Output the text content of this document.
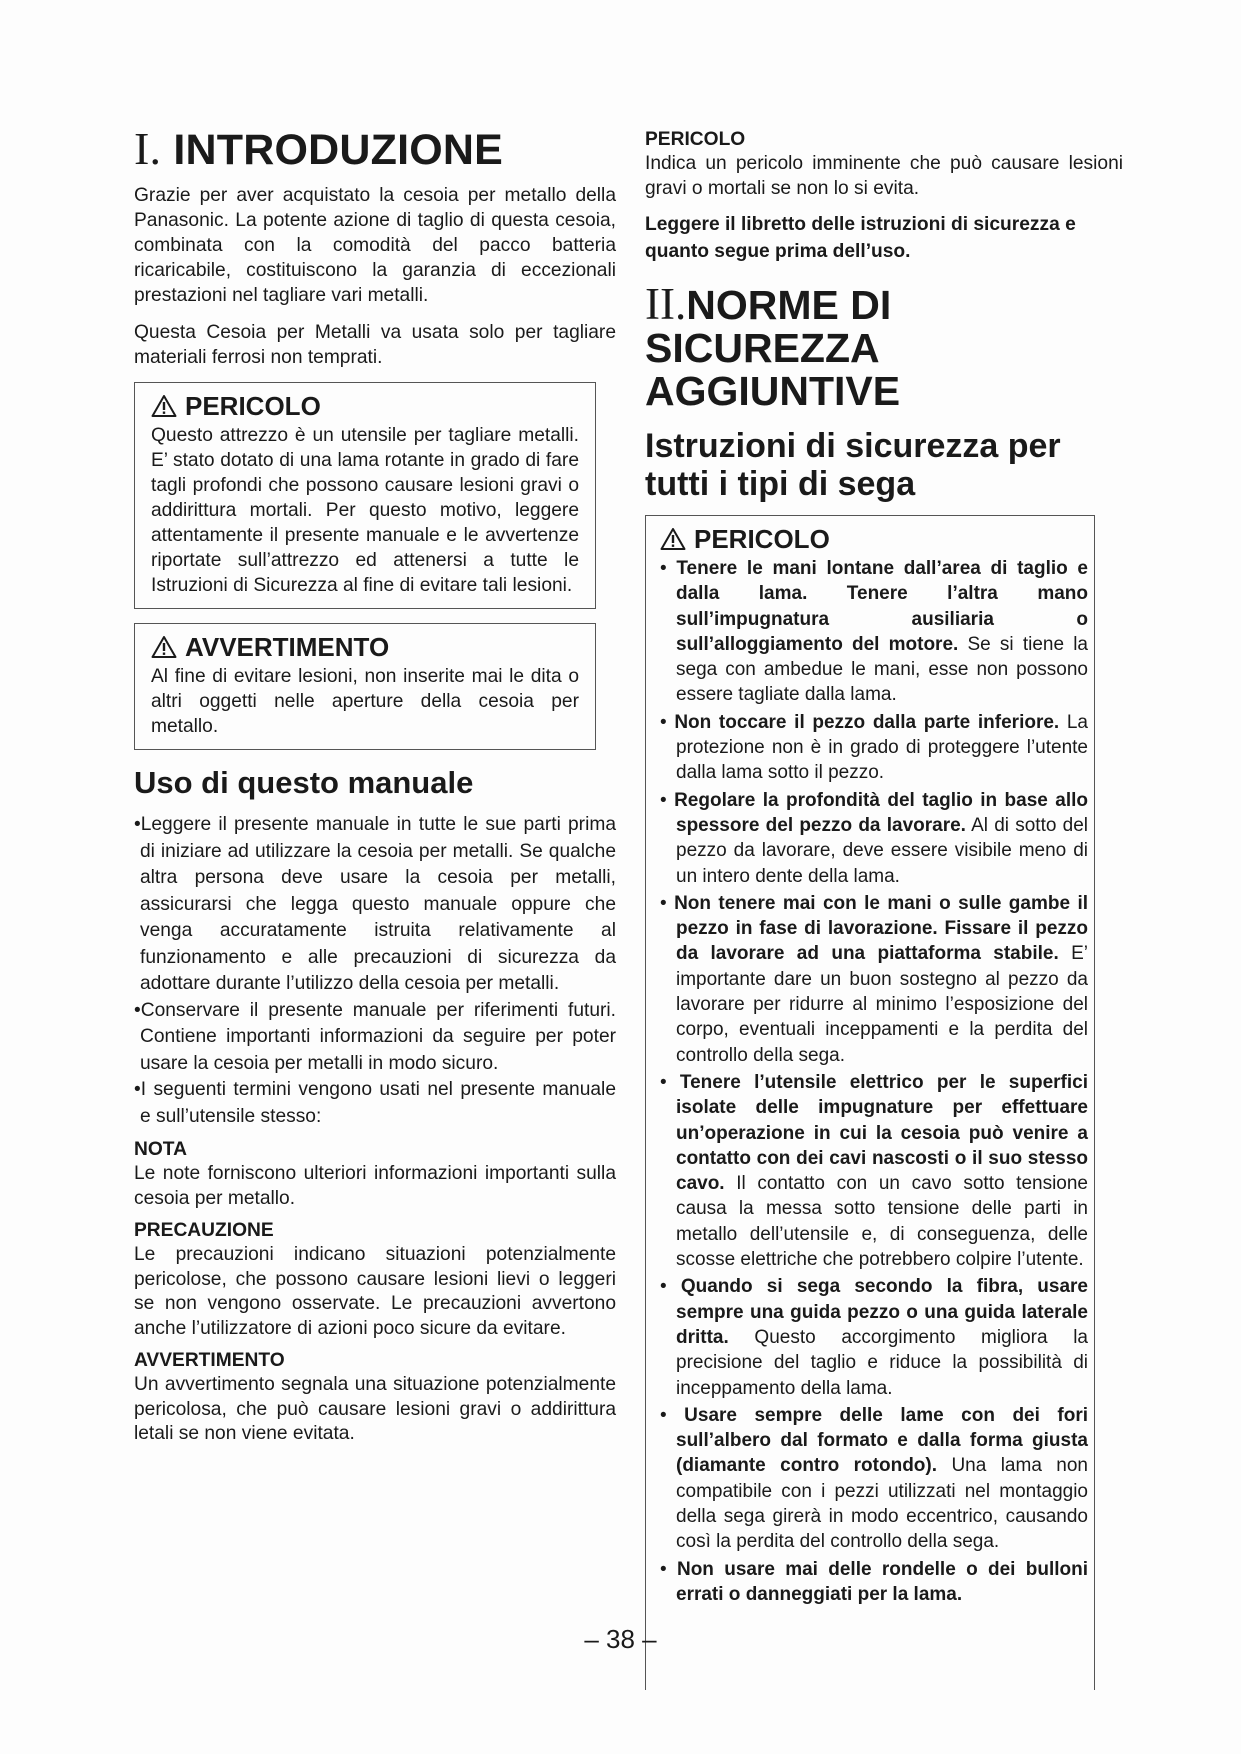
I. INTRODUZIONE

Grazie per aver acquistato la cesoia per metallo della Panasonic. La potente azione di taglio di questa cesoia, combinata con la comodità del pacco batteria ricaricabile, costituiscono la garanzia di eccezionali prestazioni nel tagliare vari metalli.

Questa Cesoia per Metalli va usata solo per tagliare materiali ferrosi non temprati.

PERICOLO

Questo attrezzo è un utensile per tagliare metalli. E’ stato dotato di una lama rotante in grado di fare tagli profondi che possono causare lesioni gravi o addirittura mortali. Per questo motivo, leggere attentamente il presente manuale e le avvertenze riportate sull’attrezzo ed attenersi a tutte le Istruzioni di Sicurezza al fine di evitare tali lesioni.

AVVERTIMENTO

Al fine di evitare lesioni, non inserite mai le dita o altri oggetti nelle aperture della cesoia per metallo.

Uso di questo manuale
•Leggere il presente manuale in tutte le sue parti prima di iniziare ad utilizzare la cesoia per metalli. Se qualche altra persona deve usare la cesoia per metalli, assicurarsi che legga questo manuale oppure che venga accuratamente istruita relativamente al funzionamento e alle precauzioni di sicurezza da adottare durante l’utilizzo della cesoia per metalli.
•Conservare il presente manuale per riferimenti futuri. Contiene importanti informazioni da seguire per poter usare la cesoia per metalli in modo sicuro.
•I seguenti termini vengono usati nel presente manuale e sull’utensile stesso:
NOTA

Le note forniscono ulteriori informazioni importanti sulla cesoia per metallo.

PRECAUZIONE

Le precauzioni indicano situazioni potenzialmente pericolose, che possono causare lesioni lievi o leggeri se non vengono osservate. Le precauzioni avvertono anche l’utilizzatore di azioni poco sicure da evitare.

AVVERTIMENTO

Un avvertimento segnala una situazione potenzialmente pericolosa, che può causare lesioni gravi o addirittura letali se non viene evitata.

PERICOLO

Indica un pericolo imminente che può causare lesioni gravi o mortali se non lo si evita.

Leggere il libretto delle istruzioni di sicurezza e quanto segue prima dell’uso.

II.NORME DI SICUREZZA
AGGIUNTIVE
Istruzioni di sicurezza per tutti i tipi di sega
PERICOLO
• Tenere le mani lontane dall’area di taglio e dalla lama. Tenere l’altra mano sull’impugnatura ausiliaria o sull’alloggiamento del motore. Se si tiene la sega con ambedue le mani, esse non possono essere tagliate dalla lama.
• Non toccare il pezzo dalla parte inferiore. La protezione non è in grado di proteggere l’utente dalla lama sotto il pezzo.
• Regolare la profondità del taglio in base allo spessore del pezzo da lavorare. Al di sotto del pezzo da lavorare, deve essere visibile meno di un intero dente della lama.
• Non tenere mai con le mani o sulle gambe il pezzo in fase di lavorazione. Fissare il pezzo da lavorare ad una piattaforma stabile. E’ importante dare un buon sostegno al pezzo da lavorare per ridurre al minimo l’esposizione del corpo, eventuali inceppamenti e la perdita del controllo della sega.
• Tenere l’utensile elettrico per le superfici isolate delle impugnature per effettuare un’operazione in cui la cesoia può venire a contatto con dei cavi nascosti o il suo stesso cavo. Il contatto con un cavo sotto tensione causa la messa sotto tensione delle parti in metallo dell’utensile e, di conseguenza, delle scosse elettriche che potrebbero colpire l’utente.
• Quando si sega secondo la fibra, usare sempre una guida pezzo o una guida laterale dritta. Questo accorgimento migliora la precisione del taglio e riduce la possibilità di inceppamento della lama.
• Usare sempre delle lame con dei fori sull’albero dal formato e dalla forma giusta (diamante contro rotondo). Una lama non compatibile con i pezzi utilizzati nel montaggio della sega girerà in modo eccentrico, causando così la perdita del controllo della sega.
• Non usare mai delle rondelle o dei bulloni errati o danneggiati per la lama.
– 38 –
